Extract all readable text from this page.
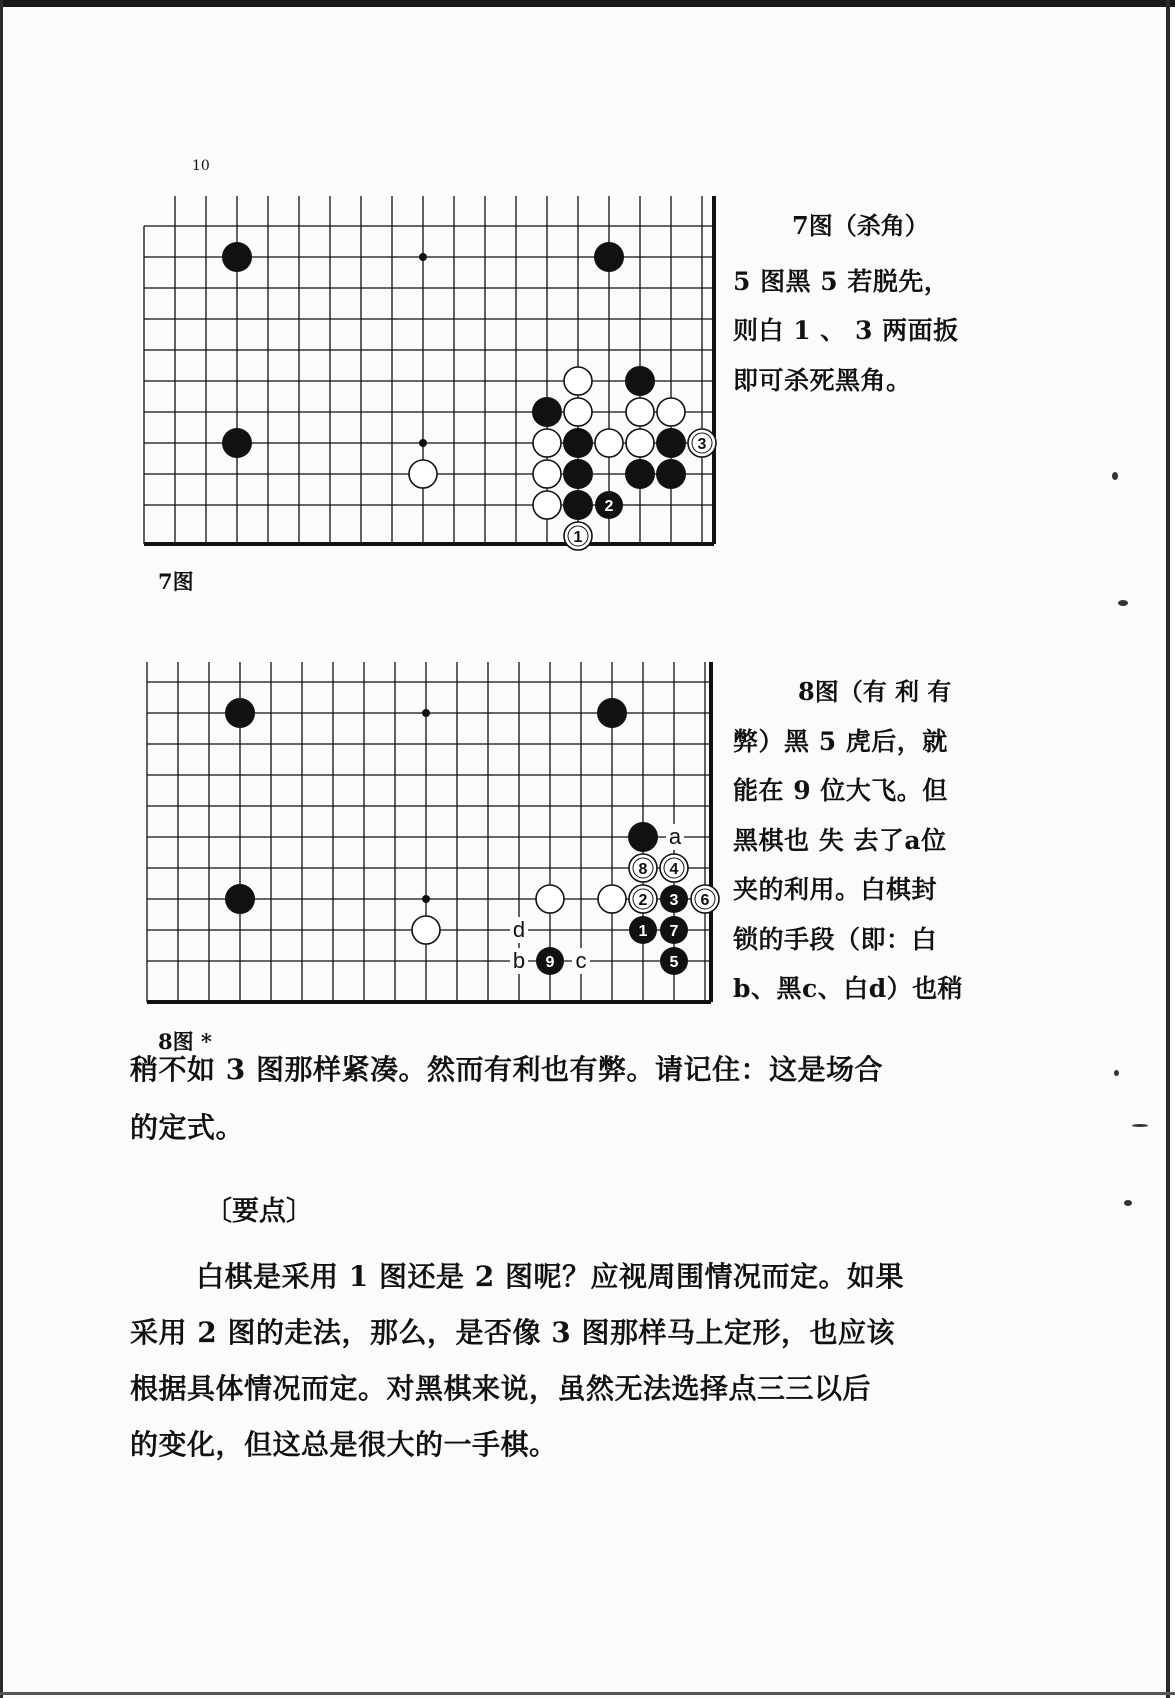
10
1
2
3
7图
7图（杀角）
5 图黑 5 若脱先，
则白 1 、 3 两面扳
即可杀死黑角。
8 4
2 3 6
1 7
9	5
a
b c
d
8图 *
8图（有 利 有
弊）黑 5 虎后，就
能在 9 位大飞。但
黑棋也 失 去了a位
夹的利用。白棋封
锁的手段（即：白
b、黑c、白d）也稍
稍不如 3 图那样紧凑。然而有利也有弊。请记住：这是场合
的定式。
〔要点〕
白棋是采用 1 图还是 2 图呢？应视周围情况而定。如果
采用 2 图的走法，那么，是否像 3 图那样马上定形，也应该
根据具体情况而定。对黑棋来说，虽然无法选择点三三以后
的变化，但这总是很大的一手棋。
